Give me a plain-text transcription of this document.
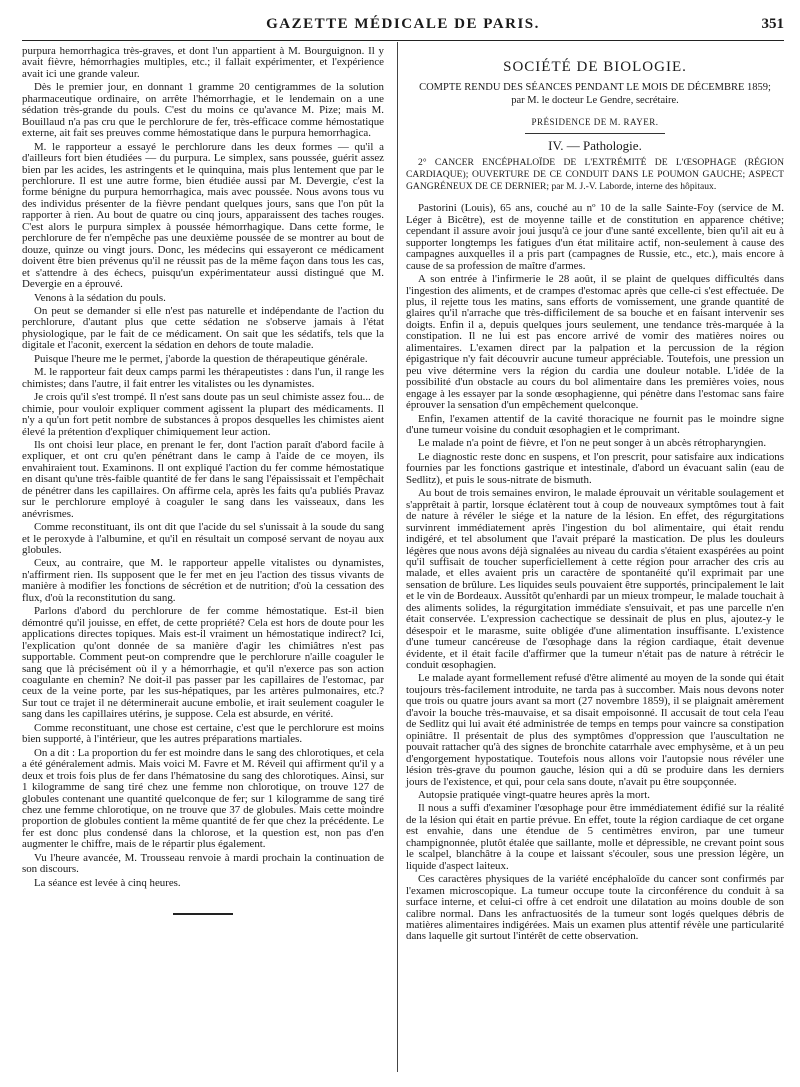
GAZETTE MÉDICALE DE PARIS.	351

purpura hemorrhagica très-graves, et dont l'un appartient à M. Bourguignon. Il y avait fièvre, hémorrhagies multiples, etc.; il fallait expérimenter, et l'expérience avait ici une grande valeur.

Dès le premier jour, en donnant 1 gramme 20 centigrammes de la solution pharmaceutique ordinaire, on arrête l'hémorrhagie, et le lendemain on a une sédation très-grande du pouls. C'est du moins ce qu'avance M. Pize; mais M. Bouillaud n'a pas cru que le perchlorure de fer, très-efficace comme hémostatique externe, ait fait ses preuves comme hémostatique dans le purpura hemorrhagica.

M. le rapporteur a essayé le perchlorure dans les deux formes — qu'il a d'ailleurs fort bien étudiées — du purpura. Le simplex, sans poussée, guérit assez bien par les acides, les astringents et le quinquina, mais plus lentement que par le perchlorure. Il est une autre forme, bien étudiée aussi par M. Devergie, c'est la forme bénigne du purpura hemorrhagica, mais avec poussée. Nous avons tous vu des individus présenter de la fièvre pendant quelques jours, sans que l'on pût la rapporter à rien. Au bout de quatre ou cinq jours, apparaissent des taches rouges. C'est alors le purpura simplex à poussée hémorrhagique. Dans cette forme, le perchlorure de fer n'empêche pas une deuxième poussée de se montrer au bout de douze, quinze ou vingt jours. Donc, les médecins qui essayeront ce médicament doivent être bien prévenus qu'il ne réussit pas de la même façon dans tous les cas, et s'attendre à des échecs, puisqu'un expérimentateur aussi distingué que M. Devergie en a éprouvé.

Venons à la sédation du pouls.

On peut se demander si elle n'est pas naturelle et indépendante de l'action du perchlorure, d'autant plus que cette sédation ne s'observe jamais à l'état physiologique, par le fait de ce médicament. On sait que les sédatifs, tels que la digitale et l'aconit, exercent la sédation en dehors de toute maladie.

Puisque l'heure me le permet, j'aborde la question de thérapeutique générale.

M. le rapporteur fait deux camps parmi les thérapeutistes : dans l'un, il range les chimistes; dans l'autre, il fait entrer les vitalistes ou les dynamistes.

Je crois qu'il s'est trompé. Il n'est sans doute pas un seul chimiste assez fou... de chimie, pour vouloir expliquer comment agissent la plupart des médicaments. Il n'y a qu'un fort petit nombre de substances à propos desquelles les chimistes aient élevé la prétention d'expliquer chimiquement leur action.

Ils ont choisi leur place, en prenant le fer, dont l'action paraît d'abord facile à expliquer, et ont cru qu'en pénétrant dans le camp à l'aide de ce moyen, ils envahiraient tout. Examinons. Il ont expliqué l'action du fer comme hémostatique en disant qu'une très-faible quantité de fer dans le sang l'épaississait et l'empêchait de pénétrer dans les capillaires. On affirme cela, après les faits qu'a publiés Pravaz sur le perchlorure employé à coaguler le sang dans les vaisseaux, dans les anévrismes.

Comme reconstituant, ils ont dit que l'acide du sel s'unissait à la soude du sang et le peroxyde à l'albumine, et qu'il en résultait un composé servant de noyau aux globules.

Ceux, au contraire, que M. le rapporteur appelle vitalistes ou dynamistes, n'affirment rien. Ils supposent que le fer met en jeu l'action des tissus vivants de manière à modifier les fonctions de sécrétion et de nutrition; d'où la cessation des flux, d'où la reconstitution du sang.

Parlons d'abord du perchlorure de fer comme hémostatique. Est-il bien démontré qu'il jouisse, en effet, de cette propriété? Cela est hors de doute pour les applications directes topiques. Mais est-il vraiment un hémostatique indirect? Ici, l'explication qu'ont donnée de sa manière d'agir les chimiâtres n'est pas supportable. Comment peut-on comprendre que le perchlorure n'aille coaguler le sang que là précisément où il y a hémorrhagie, et qu'il n'exerce pas son action coagulante en chemin? Ne doit-il pas passer par les capillaires de l'estomac, par ceux de la veine porte, par les sus-hépatiques, par les artères pulmonaires, etc.? Sur tout ce trajet il ne déterminerait aucune embolie, et irait seulement coaguler le sang dans les capillaires utérins, je suppose. Cela est absurde, en vérité.

Comme reconstituant, une chose est certaine, c'est que le perchlorure est moins bien supporté, à l'intérieur, que les autres préparations martiales.

On a dit : La proportion du fer est moindre dans le sang des chlorotiques, et cela a été généralement admis. Mais voici M. Favre et M. Réveil qui affirment qu'il y a deux et trois fois plus de fer dans l'hématosine du sang des chlorotiques. Ainsi, sur 1 kilogramme de sang tiré chez une femme non chlorotique, on trouve 127 de globules contenant une quantité quelconque de fer; sur 1 kilogramme de sang tiré chez une femme chlorotique, on ne trouve que 37 de globules. Mais cette moindre proportion de globules contient la même quantité de fer que chez la précédente. Le fer est donc plus condensé dans la chlorose, et la question est, non pas d'en augmenter le chiffre, mais de le répartir plus également.

Vu l'heure avancée, M. Trousseau renvoie à mardi prochain la continuation de son discours.

La séance est levée à cinq heures.

SOCIÉTÉ DE BIOLOGIE.
COMPTE RENDU DES SÉANCES PENDANT LE MOIS DE DÉCEMBRE 1859;
par M. le docteur Le Gendre, secrétaire.
PRÉSIDENCE DE M. RAYER.
IV. — Pathologie.
2° CANCER ENCÉPHALOÏDE DE L'EXTRÉMITÉ DE L'ŒSOPHAGE (RÉGION CARDIAQUE); OUVERTURE DE CE CONDUIT DANS LE POUMON GAUCHE; ASPECT GANGRÉNEUX DE CE DERNIER; par M. J.-V. Laborde, interne des hôpitaux.

Pastorini (Louis), 65 ans, couché au nº 10 de la salle Sainte-Foy (service de M. Léger à Bicêtre), est de moyenne taille et de constitution en apparence chétive; cependant il assure avoir joui jusqu'à ce jour d'une santé excellente, bien qu'il ait eu à supporter longtemps les fatigues d'un état militaire actif, non-seulement à cause des campagnes auxquelles il a pris part (campagnes de Russie, etc., etc.), mais encore à cause de sa profession de maître d'armes.

A son entrée à l'infirmerie le 28 août, il se plaint de quelques difficultés dans l'ingestion des aliments, et de crampes d'estomac après que celle-ci s'est effectuée. De plus, il rejette tous les matins, sans efforts de vomissement, une grande quantité de glaires qu'il n'arrache que très-difficilement de sa bouche et en faisant intervenir ses doigts. Enfin il a, depuis quelques jours seulement, une tendance très-marquée à la constipation. Il ne lui est pas encore arrivé de vomir des matières noires ou alimentaires. L'examen direct par la palpation et la percussion de la région épigastrique n'y fait découvrir aucune tumeur appréciable. Toutefois, une pression un peu vive détermine vers la région du cardia une douleur notable. L'idée de la possibilité d'un obstacle au cours du bol alimentaire dans les premières voies, nous engage à les essayer par la sonde œsophagienne, qui pénètre dans l'estomac sans faire éprouver la sensation d'un empêchement quelconque.

Enfin, l'examen attentif de la cavité thoracique ne fournit pas le moindre signe d'une tumeur voisine du conduit œsophagien et le comprimant.

Le malade n'a point de fièvre, et l'on ne peut songer à un abcès rétropharyngien.

Le diagnostic reste donc en suspens, et l'on prescrit, pour satisfaire aux indications fournies par les fonctions gastrique et intestinale, d'abord un évacuant salin (eau de Sedlitz), et puis le sous-nitrate de bismuth.

Au bout de trois semaines environ, le malade éprouvait un véritable soulagement et s'apprêtait à partir, lorsque éclatèrent tout à coup de nouveaux symptômes tout à fait de nature à révéler le siége et la nature de la lésion. En effet, des régurgitations survinrent immédiatement après l'ingestion du bol alimentaire, qui était rendu indigéré, et tel absolument que l'avait préparé la mastication. De plus les douleurs légères que nous avons déjà signalées au niveau du cardia s'étaient exaspérées au point qu'il suffisait de toucher superficiellement à cette région pour arracher des cris au malade, et elles avaient pris un caractère de spontanéité qu'il exprimait par une sensation de brûlure. Les liquides seuls pouvaient être supportés, principalement le lait et le vin de Bordeaux. Aussitôt qu'enhardi par un mieux trompeur, le malade touchait à des aliments solides, la régurgitation immédiate s'ensuivait, et pas une parcelle n'en était conservée. L'expression cachectique se dessinait de plus en plus, ajoutez-y le désespoir et le marasme, suite obligée d'une alimentation insuffisante. L'existence d'une tumeur cancéreuse de l'œsophage dans la région cardiaque, était devenue évidente, et il était facile d'affirmer que la tumeur n'était pas de nature à rétrécir le conduit œsophagien.

Le malade ayant formellement refusé d'être alimenté au moyen de la sonde qui était toujours très-facilement introduite, ne tarda pas à succomber. Mais nous devons noter que trois ou quatre jours avant sa mort (27 novembre 1859), il se plaignait amèrement d'avoir la bouche très-mauvaise, et sa disait empoisonné. Il accusait de tout cela l'eau de Sedlitz qui lui avait été administrée de temps en temps pour vaincre sa constipation opiniâtre. Il présentait de plus des symptômes d'oppression que l'auscultation ne pouvait rattacher qu'à des signes de bronchite catarrhale avec emphysème, et à un peu d'engorgement hypostatique. Toutefois nous allons voir l'autopsie nous révéler une lésion très-grave du poumon gauche, lésion qui a dû se produire dans les derniers jours de l'existence, et qui, pour cela sans doute, n'avait pu être soupçonnée.

Autopsie pratiquée vingt-quatre heures après la mort.

Il nous a suffi d'examiner l'œsophage pour être immédiatement édifié sur la réalité de la lésion qui était en partie prévue. En effet, toute la région cardiaque de cet organe est envahie, dans une étendue de 5 centimètres environ, par une tumeur champignonnée, plutôt étalée que saillante, molle et dépressible, ne crevant point sous le scalpel, blanchâtre à la coupe et laissant s'écouler, sous une pression légère, un liquide d'aspect laiteux.

Ces caractères physiques de la variété encéphaloïde du cancer sont confirmés par l'examen microscopique. La tumeur occupe toute la circonférence du conduit à sa surface interne, et celui-ci offre à cet endroit une dilatation au moins double de son calibre normal. Dans les anfractuosités de la tumeur sont logés quelques débris de matières alimentaires indigérées. Mais un examen plus attentif révèle une particularité dans laquelle git surtout l'intérêt de cette observation.
